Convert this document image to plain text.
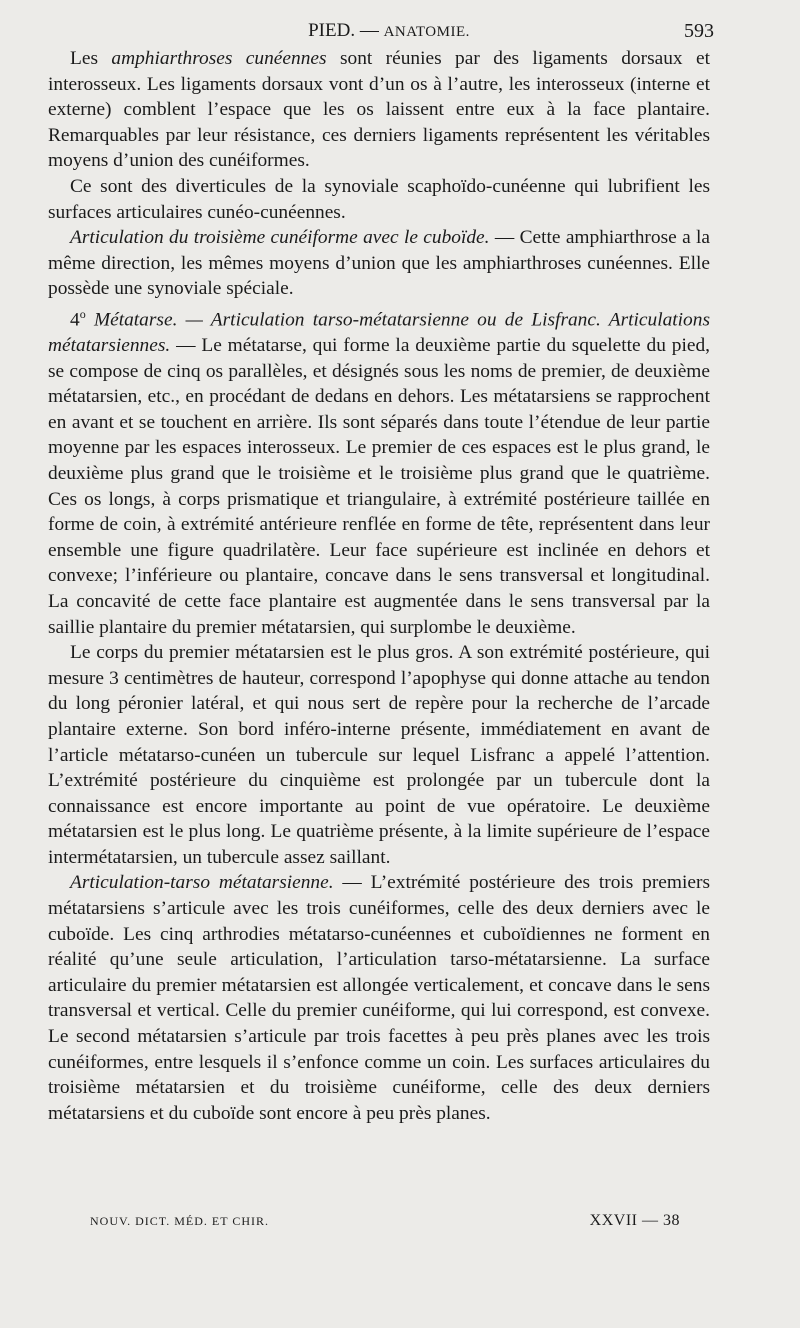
PIED. — ANATOMIE.	593

Les amphiarthroses cunéennes sont réunies par des ligaments dorsaux et interosseux. Les ligaments dorsaux vont d’un os à l’autre, les interosseux (interne et externe) comblent l’espace que les os laissent entre eux à la face plantaire. Remarquables par leur résistance, ces derniers ligaments représentent les véritables moyens d’union des cunéiformes.

Ce sont des diverticules de la synoviale scaphoïdo-cunéenne qui lubrifient les surfaces articulaires cunéo-cunéennes.

Articulation du troisième cunéiforme avec le cuboïde. — Cette amphiarthrose a la même direction, les mêmes moyens d’union que les amphiarthroses cunéennes. Elle possède une synoviale spéciale.

4$^o$ Métatarse. — Articulation tarso-métatarsienne ou de Lisfranc. Articulations métatarsiennes. — Le métatarse, qui forme la deuxième partie du squelette du pied, se compose de cinq os parallèles, et désignés sous les noms de premier, de deuxième métatarsien, etc., en procédant de dedans en dehors. Les métatarsiens se rapprochent en avant et se touchent en arrière. Ils sont séparés dans toute l’étendue de leur partie moyenne par les espaces interosseux. Le premier de ces espaces est le plus grand, le deuxième plus grand que le troisième et le troisième plus grand que le quatrième. Ces os longs, à corps prismatique et triangulaire, à extrémité postérieure taillée en forme de coin, à extrémité antérieure renflée en forme de tête, représentent dans leur ensemble une figure quadrilatère. Leur face supérieure est inclinée en dehors et convexe; l’inférieure ou plantaire, concave dans le sens transversal et longitudinal. La concavité de cette face plantaire est augmentée dans le sens transversal par la saillie plantaire du premier métatarsien, qui surplombe le deuxième.

Le corps du premier métatarsien est le plus gros. A son extrémité postérieure, qui mesure 3 centimètres de hauteur, correspond l’apophyse qui donne attache au tendon du long péronier latéral, et qui nous sert de repère pour la recherche de l’arcade plantaire externe. Son bord inféro-interne présente, immédiatement en avant de l’article métatarso-cunéen un tubercule sur lequel Lisfranc a appelé l’attention. L’extrémité postérieure du cinquième est prolongée par un tubercule dont la connaissance est encore importante au point de vue opératoire. Le deuxième métatarsien est le plus long. Le quatrième présente, à la limite supérieure de l’espace intermétatarsien, un tubercule assez saillant.

Articulation-tarso métatarsienne. — L’extrémité postérieure des trois premiers métatarsiens s’articule avec les trois cunéiformes, celle des deux derniers avec le cuboïde. Les cinq arthrodies métatarso-cunéennes et cuboïdiennes ne forment en réalité qu’une seule articulation, l’articulation tarso-métatarsienne. La surface articulaire du premier métatarsien est allongée verticalement, et concave dans le sens transversal et vertical. Celle du premier cunéiforme, qui lui correspond, est convexe. Le second métatarsien s’articule par trois facettes à peu près planes avec les trois cunéiformes, entre lesquels il s’enfonce comme un coin. Les surfaces articulaires du troisième métatarsien et du troisième cunéiforme, celle des deux derniers métatarsiens et du cuboïde sont encore à peu près planes.

NOUV. DICT. MÉD. ET CHIR.	XXVII — 38
